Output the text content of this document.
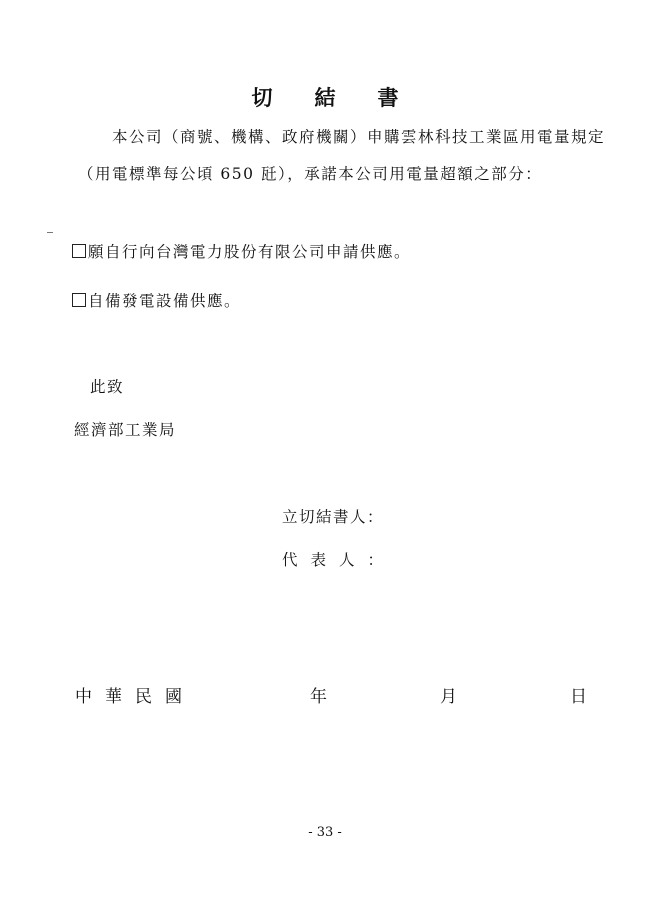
切結書
本公司（商號、機構、政府機關）申購雲林科技工業區用電量規定
（用電標準每公頃 650 瓩），承諾本公司用電量超額之部分：
願自行向台灣電力股份有限公司申請供應。
自備發電設備供應。
此致
經濟部工業局
立切結書人：
代表人：
中華民國	年	月	日
- 33 -
